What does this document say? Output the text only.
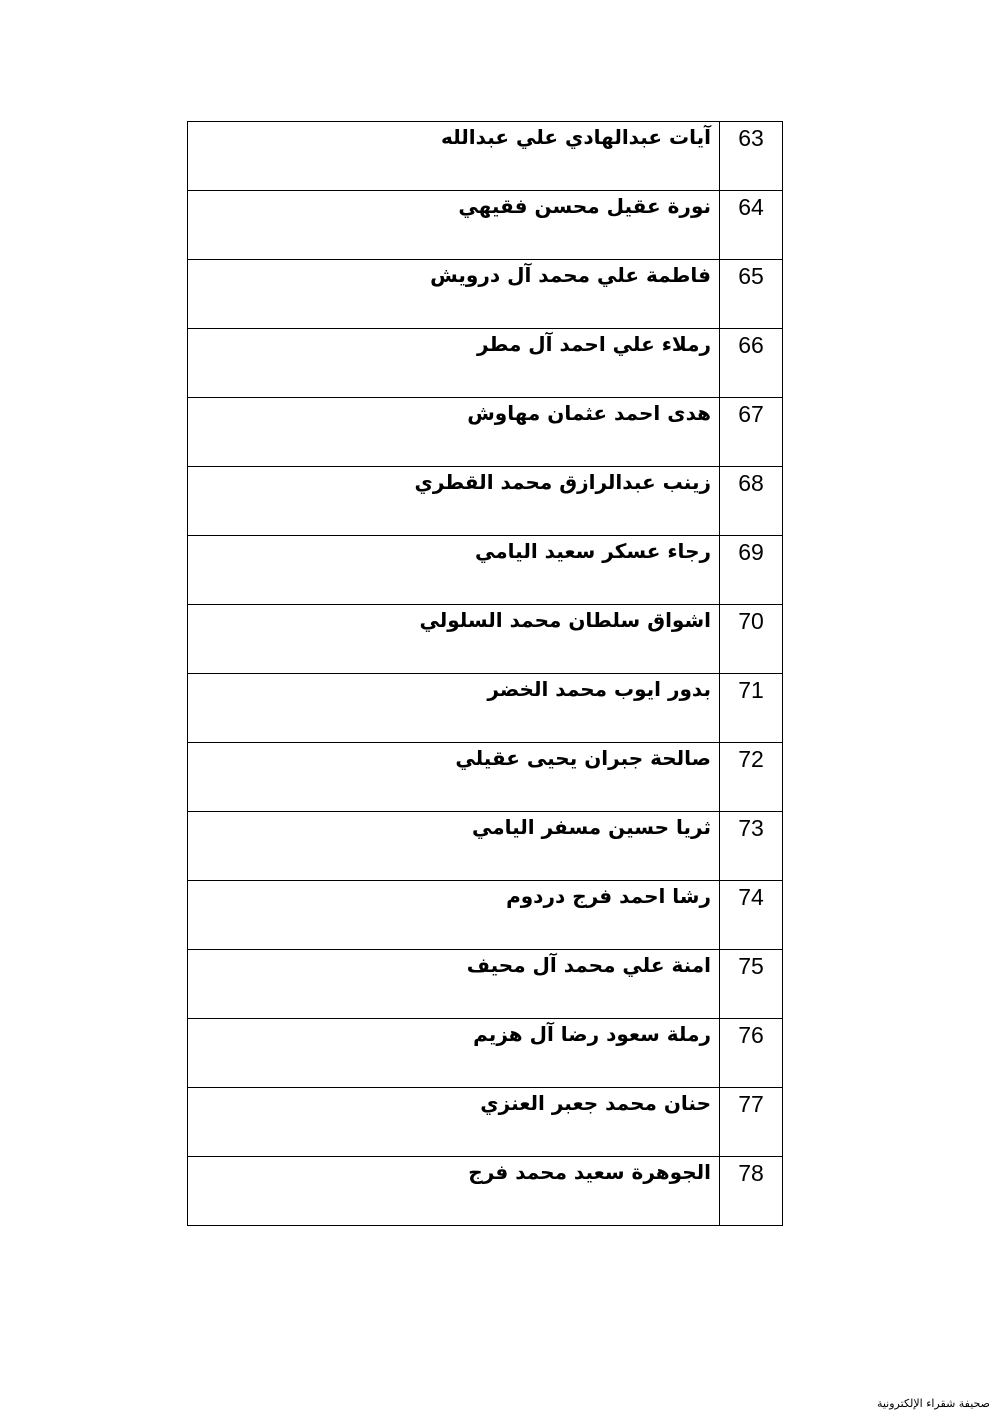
63	آيات عبدالهادي علي عبدالله
64	نورة عقيل محسن فقيهي
65	فاطمة علي محمد آل درويش
66	رملاء علي احمد آل مطر
67	هدى احمد عثمان مهاوش
68	زينب عبدالرازق محمد القطري
69	رجاء عسكر سعيد اليامي
70	اشواق سلطان محمد السلولي
71	بدور ايوب محمد الخضر
72	صالحة جبران يحيى عقيلي
73	ثريا حسين مسفر اليامي
74	رشا احمد فرج دردوم
75	امنة علي محمد آل محيف
76	رملة سعود رضا آل هزيم
77	حنان محمد جعبر العنزي
78	الجوهرة سعيد محمد فرج
صحيفة شقراء الإلكترونية
